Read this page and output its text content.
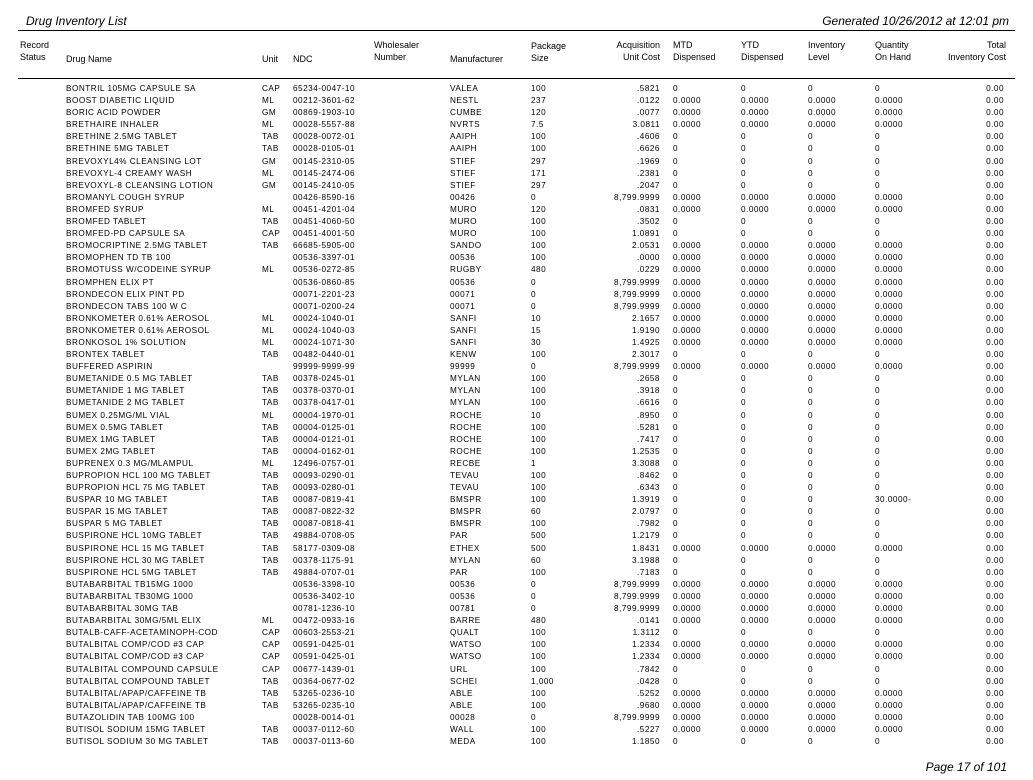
Drug Inventory List	Generated 10/26/2012 at 12:01 pm
Record
Status	Drug Name	Unit NDC
Wholesaler
Number	Manufacturer
Package
Size
Acquisition
Unit Cost
MTD
Dispensed
YTD
Dispensed
Inventory
Level
Quantity
On Hand
Total
Inventory Cost
BONTRIL 105MG CAPSULE SA	CAP 65234-0047-10	VALEA	100	.5821 0	0	0	0	0.00
BOOST DIABETIC LIQUID	ML 00212-3601-62	NESTL	237	.0122 0.0000	0.0000	0.0000	0.0000	0.00
BORIC ACID POWDER	GM 00869-1903-10	CUMBE	120	.0077 0.0000	0.0000	0.0000	0.0000	0.00
BRETHAIRE INHALER	ML 00028-5557-88	NVRTS	7.5	3.0811 0.0000	0.0000	0.0000	0.0000	0.00
BRETHINE 2.5MG TABLET	TAB 00028-0072-01	AAIPH	100	.4606 0	0	0	0	0.00
BRETHINE 5MG TABLET	TAB 00028-0105-01	AAIPH	100	.6626 0	0	0	0	0.00
BREVOXYL4% CLEANSING LOT	GM 00145-2310-05	STIEF	297	.1969 0	0	0	0	0.00
BREVOXYL-4 CREAMY WASH	ML 00145-2474-06	STIEF	171	.2381 0	0	0	0	0.00
BREVOXYL-8 CLEANSING LOTION	GM 00145-2410-05	STIEF	297	.2047 0	0	0	0	0.00
BROMANYL COUGH SYRUP	00426-8590-16	00426	0	8,799.9999 0.0000	0.0000	0.0000	0.0000	0.00
BROMFED SYRUP	ML 00451-4201-04	MURO	120	.0831 0.0000	0.0000	0.0000	0.0000	0.00
BROMFED TABLET	TAB 00451-4060-50	MURO	100	.3502 0	0	0	0	0.00
BROMFED-PD CAPSULE SA	CAP 00451-4001-50	MURO	100	1.0891 0	0	0	0	0.00
BROMOCRIPTINE 2.5MG TABLET	TAB 66685-5905-00	SANDO	100	2.0531 0.0000	0.0000	0.0000	0.0000	0.00
BROMOPHEN TD TB 100	00536-3397-01	00536	100	.0000 0.0000	0.0000	0.0000	0.0000	0.00
BROMOTUSS W/CODEINE SYRUP	ML 00536-0272-85	RUGBY	480	.0229 0.0000	0.0000	0.0000	0.0000	0.00
BROMPHEN ELIX PT	00536-0860-85	00536	0	8,799.9999 0.0000	0.0000	0.0000	0.0000	0.00
BRONDECON ELIX PINT PD	00071-2201-23	00071	0	8,799.9999 0.0000	0.0000	0.0000	0.0000	0.00
BRONDECON TABS 100 W C	00071-0200-24	00071	0	8,799.9999 0.0000	0.0000	0.0000	0.0000	0.00
BRONKOMETER 0.61% AEROSOL	ML 00024-1040-01	SANFI	10	2.1657 0.0000	0.0000	0.0000	0.0000	0.00
BRONKOMETER 0.61% AEROSOL	ML 00024-1040-03	SANFI	15	1.9190 0.0000	0.0000	0.0000	0.0000	0.00
BRONKOSOL 1% SOLUTION	ML 00024-1071-30	SANFI	30	1.4925 0.0000	0.0000	0.0000	0.0000	0.00
BRONTEX TABLET	TAB 00482-0440-01	KENW	100	2.3017 0	0	0	0	0.00
BUFFERED ASPIRIN	99999-9999-99	99999	0	8,799.9999 0.0000	0.0000	0.0000	0.0000	0.00
BUMETANIDE 0.5 MG TABLET	TAB 00378-0245-01	MYLAN	100	.2658 0	0	0	0	0.00
BUMETANIDE 1 MG TABLET	TAB 00378-0370-01	MYLAN	100	.3918 0	0	0	0	0.00
BUMETANIDE 2 MG TABLET	TAB 00378-0417-01	MYLAN	100	.6616 0	0	0	0	0.00
BUMEX 0.25MG/ML VIAL	ML 00004-1970-01	ROCHE	10	.8950 0	0	0	0	0.00
BUMEX 0.5MG TABLET	TAB 00004-0125-01	ROCHE	100	.5281 0	0	0	0	0.00
BUMEX 1MG TABLET	TAB 00004-0121-01	ROCHE	100	.7417 0	0	0	0	0.00
BUMEX 2MG TABLET	TAB 00004-0162-01	ROCHE	100	1.2535 0	0	0	0	0.00
BUPRENEX 0.3 MG/MLAMPUL	ML 12496-0757-01	RECBE	1	3.3088 0	0	0	0	0.00
BUPROPION HCL 100 MG TABLET	TAB 00093-0290-01	TEVAU	100	.8462 0	0	0	0	0.00
BUPROPION HCL 75 MG TABLET	TAB 00093-0280-01	TEVAU	100	.6343 0	0	0	0	0.00
BUSPAR 10 MG TABLET	TAB 00087-0819-41	BMSPR	100	1.3919 0	0	0	30.0000-	0.00
BUSPAR 15 MG TABLET	TAB 00087-0822-32	BMSPR	60	2.0797 0	0	0	0	0.00
BUSPAR 5 MG TABLET	TAB 00087-0818-41	BMSPR	100	.7982 0	0	0	0	0.00
BUSPIRONE HCL 10MG TABLET	TAB 49884-0708-05	PAR	500	1.2179 0	0	0	0	0.00
BUSPIRONE HCL 15 MG TABLET	TAB 58177-0309-08	ETHEX	500	1.8431 0.0000	0.0000	0.0000	0.0000	0.00
BUSPIRONE HCL 30 MG TABLET	TAB 00378-1175-91	MYLAN	60	3.1988 0	0	0	0	0.00
BUSPIRONE HCL 5MG TABLET	TAB 49884-0707-01	PAR	100	.7183 0	0	0	0	0.00
BUTABARBITAL TB15MG 1000	00536-3398-10	00536	0	8,799.9999 0.0000	0.0000	0.0000	0.0000	0.00
BUTABARBITAL TB30MG 1000	00536-3402-10	00536	0	8,799.9999 0.0000	0.0000	0.0000	0.0000	0.00
BUTABARBITAL 30MG TAB	00781-1236-10	00781	0	8,799.9999 0.0000	0.0000	0.0000	0.0000	0.00
BUTABARBITAL 30MG/5ML ELIX	ML 00472-0933-16	BARRE	480	.0141 0.0000	0.0000	0.0000	0.0000	0.00
BUTALB-CAFF-ACETAMINOPH-COD	CAP 00603-2553-21	QUALT	100	1.3112 0	0	0	0	0.00
BUTALBITAL COMP/COD #3 CAP	CAP 00591-0425-01	WATSO	100	1.2334 0.0000	0.0000	0.0000	0.0000	0.00
BUTALBITAL COMP/COD #3 CAP	CAP 00591-0425-01	WATSO	100	1.2334 0.0000	0.0000	0.0000	0.0000	0.00
BUTALBITAL COMPOUND CAPSULE	CAP 00677-1439-01	URL	100	.7842 0	0	0	0	0.00
BUTALBITAL COMPOUND TABLET	TAB 00364-0677-02	SCHEI	1,000	.0428 0	0	0	0	0.00
BUTALBITAL/APAP/CAFFEINE TB	TAB 53265-0236-10	ABLE	100	.5252 0.0000	0.0000	0.0000	0.0000	0.00
BUTALBITAL/APAP/CAFFEINE TB	TAB 53265-0235-10	ABLE	100	.9680 0.0000	0.0000	0.0000	0.0000	0.00
BUTAZOLIDIN TAB 100MG 100	00028-0014-01	00028	0	8,799.9999 0.0000	0.0000	0.0000	0.0000	0.00
BUTISOL SODIUM 15MG TABLET	TAB 00037-0112-60	WALL	100	.5227 0.0000	0.0000	0.0000	0.0000	0.00
BUTISOL SODIUM 30 MG TABLET	TAB 00037-0113-60	MEDA	100	1.1850 0	0	0	0	0.00
Page 17 of 101
